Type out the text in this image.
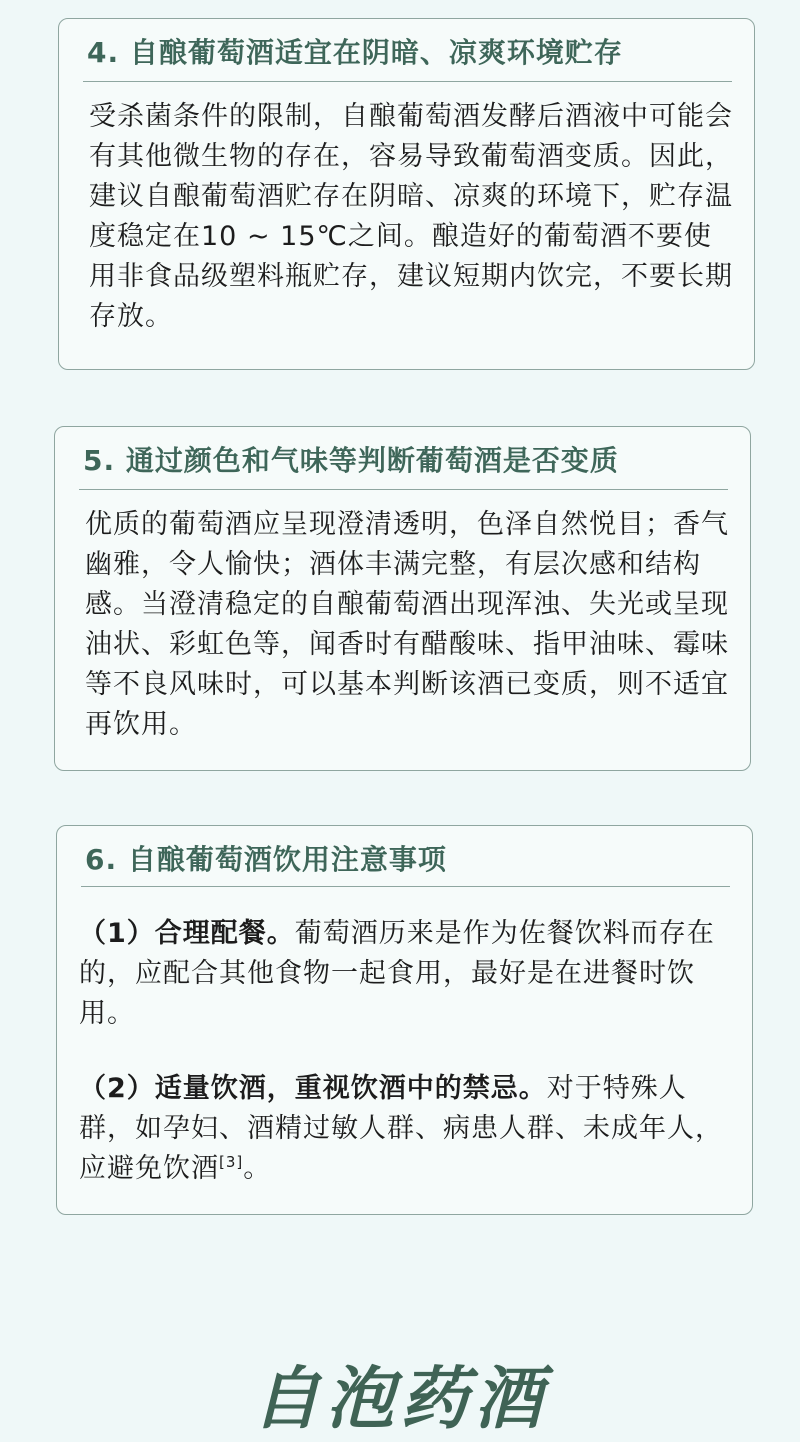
4. 自酿葡萄酒适宜在阴暗、凉爽环境贮存
受杀菌条件的限制，自酿葡萄酒发酵后酒液中可能会有其他微生物的存在，容易导致葡萄酒变质。因此，建议自酿葡萄酒贮存在阴暗、凉爽的环境下，贮存温度稳定在10 ~ 15℃之间。酿造好的葡萄酒不要使用非食品级塑料瓶贮存，建议短期内饮完，不要长期存放。
5. 通过颜色和气味等判断葡萄酒是否变质
优质的葡萄酒应呈现澄清透明，色泽自然悦目；香气幽雅，令人愉快；酒体丰满完整，有层次感和结构感。当澄清稳定的自酿葡萄酒出现浑浊、失光或呈现油状、彩虹色等，闻香时有醋酸味、指甲油味、霉味等不良风味时，可以基本判断该酒已变质，则不适宜再饮用。
6. 自酿葡萄酒饮用注意事项
（1）合理配餐。葡萄酒历来是作为佐餐饮料而存在的，应配合其他食物一起食用，最好是在进餐时饮用。
（2）适量饮酒，重视饮酒中的禁忌。对于特殊人群，如孕妇、酒精过敏人群、病患人群、未成年人，应避免饮酒[3]。
自泡药酒
